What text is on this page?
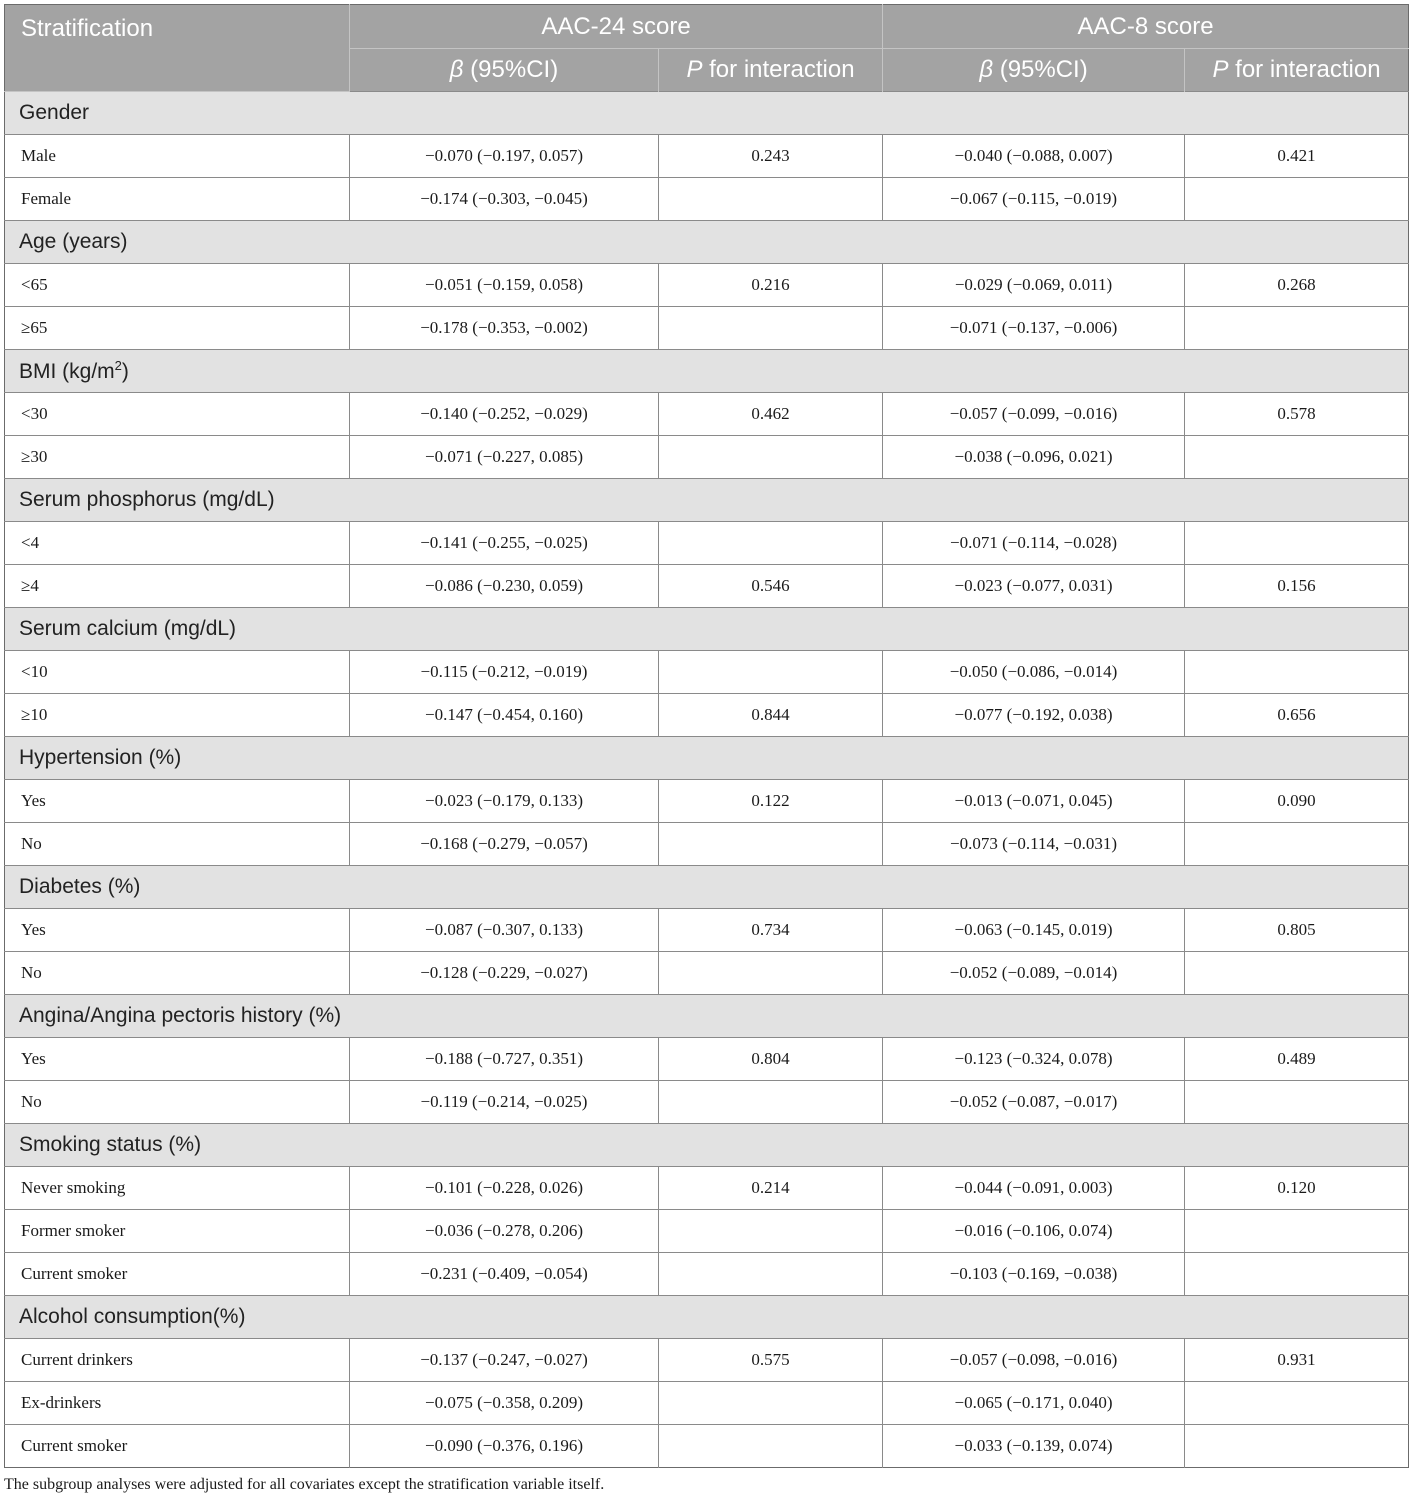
Stratification	AAC-24 score		AAC-8 score	
	β (95%CI)	P for interaction	β (95%CI)	P for interaction
Gender				
Male	−0.070 (−0.197, 0.057)	0.243	−0.040 (−0.088, 0.007)	0.421
Female	−0.174 (−0.303, −0.045)		−0.067 (−0.115, −0.019)	
Age (years)				
<65	−0.051 (−0.159, 0.058)	0.216	−0.029 (−0.069, 0.011)	0.268
≥65	−0.178 (−0.353, −0.002)		−0.071 (−0.137, −0.006)	
BMI $(kg/m^2)$				
<30	−0.140 (−0.252, −0.029)	0.462	−0.057 (−0.099, −0.016)	0.578
≥30	−0.071 (−0.227, 0.085)		−0.038 (−0.096, 0.021)	
Serum phosphorus (mg/dL)				
<4	−0.141 (−0.255, −0.025)		−0.071 (−0.114, −0.028)	
≥4	−0.086 (−0.230, 0.059)	0.546	−0.023 (−0.077, 0.031)	0.156
Serum calcium (mg/dL)				
<10	−0.115 (−0.212, −0.019)		−0.050 (−0.086, −0.014)	
≥10	−0.147 (−0.454, 0.160)	0.844	−0.077 (−0.192, 0.038)	0.656
Hypertension (%)				
Yes	−0.023 (−0.179, 0.133)	0.122	−0.013 (−0.071, 0.045)	0.090
No	−0.168 (−0.279, −0.057)		−0.073 (−0.114, −0.031)	
Diabetes (%)				
Yes	−0.087 (−0.307, 0.133)	0.734	−0.063 (−0.145, 0.019)	0.805
No	−0.128 (−0.229, −0.027)		−0.052 (−0.089, −0.014)	
Angina/Angina pectoris history (%)				
Yes	−0.188 (−0.727, 0.351)	0.804	−0.123 (−0.324, 0.078)	0.489
No	−0.119 (−0.214, −0.025)		−0.052 (−0.087, −0.017)	
Smoking status (%)				
Never smoking	−0.101 (−0.228, 0.026)	0.214	−0.044 (−0.091, 0.003)	0.120
Former smoker	−0.036 (−0.278, 0.206)		−0.016 (−0.106, 0.074)	
Current smoker	−0.231 (−0.409, −0.054)		−0.103 (−0.169, −0.038)	
Alcohol consumption(%)				
Current drinkers	−0.137 (−0.247, −0.027)	0.575	−0.057 (−0.098, −0.016)	0.931
Ex-drinkers	−0.075 (−0.358, 0.209)		−0.065 (−0.171, 0.040)	
Current smoker	−0.090 (−0.376, 0.196)		−0.033 (−0.139, 0.074)	
The subgroup analyses were adjusted for all covariates except the stratification variable itself.
